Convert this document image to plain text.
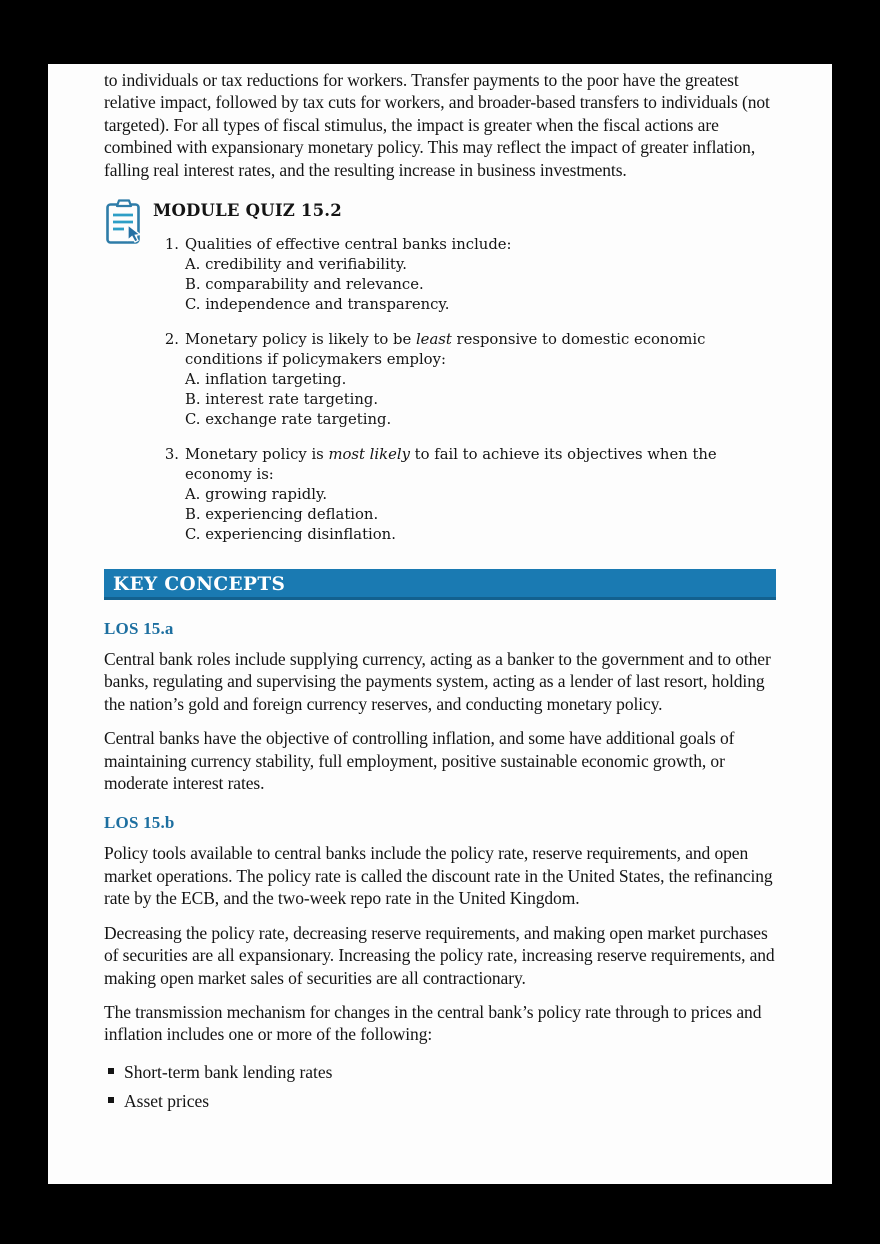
to individuals or tax reductions for workers. Transfer payments to the poor have the greatest relative impact, followed by tax cuts for workers, and broader-based transfers to individuals (not targeted). For all types of fiscal stimulus, the impact is greater when the fiscal actions are combined with expansionary monetary policy. This may reflect the impact of greater inflation, falling real interest rates, and the resulting increase in business investments.

MODULE QUIZ 15.2
1. Qualities of effective central banks include:
A. credibility and verifiability.
B. comparability and relevance.
C. independence and transparency.
2. Monetary policy is likely to be least responsive to domestic economic conditions if policymakers employ:
A. inflation targeting.
B. interest rate targeting.
C. exchange rate targeting.
3. Monetary policy is most likely to fail to achieve its objectives when the economy is:
A. growing rapidly.
B. experiencing deflation.
C. experiencing disinflation.
KEY CONCEPTS
LOS 15.a

Central bank roles include supplying currency, acting as a banker to the government and to other banks, regulating and supervising the payments system, acting as a lender of last resort, holding the nation’s gold and foreign currency reserves, and conducting monetary policy.

Central banks have the objective of controlling inflation, and some have additional goals of maintaining currency stability, full employment, positive sustainable economic growth, or moderate interest rates.

LOS 15.b

Policy tools available to central banks include the policy rate, reserve requirements, and open market operations. The policy rate is called the discount rate in the United States, the refinancing rate by the ECB, and the two-week repo rate in the United Kingdom.

Decreasing the policy rate, decreasing reserve requirements, and making open market purchases of securities are all expansionary. Increasing the policy rate, increasing reserve requirements, and making open market sales of securities are all contractionary.

The transmission mechanism for changes in the central bank’s policy rate through to prices and inflation includes one or more of the following:

Short-term bank lending rates
Asset prices
